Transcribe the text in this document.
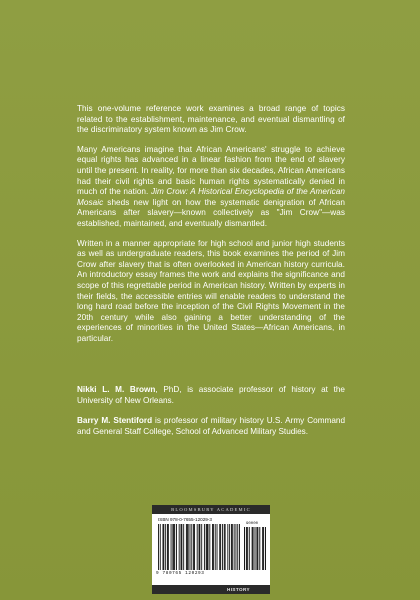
This one-volume reference work examines a broad range of topics related to the establishment, maintenance, and eventual dismantling of the discriminatory system known as Jim Crow.

Many Americans imagine that African Americans' struggle to achieve equal rights has advanced in a linear fashion from the end of slavery until the present. In reality, for more than six decades, African Americans had their civil rights and basic human rights systematically denied in much of the nation. Jim Crow: A Historical Encyclopedia of the American Mosaic sheds new light on how the systematic denigration of African Americans after slavery—known collectively as "Jim Crow"—was established, maintained, and eventually dismantled.

Written in a manner appropriate for high school and junior high students as well as undergraduate readers, this book examines the period of Jim Crow after slavery that is often overlooked in American history curricula. An introductory essay frames the work and explains the significance and scope of this regrettable period in American history. Written by experts in their fields, the accessible entries will enable readers to understand the long hard road before the inception of the Civil Rights Movement in the 20th century while also gaining a better understanding of the experiences of minorities in the United States—African Americans, in particular.

Nikki L. M. Brown, PhD, is associate professor of history at the University of New Orleans.

Barry M. Stentiford is professor of military history U.S. Army Command and General Staff College, School of Advanced Military Studies.

BLOOMSBURY ACADEMIC
ISBN 978-0-7655-12029-3
90000
9 780765 120293
HISTORY
